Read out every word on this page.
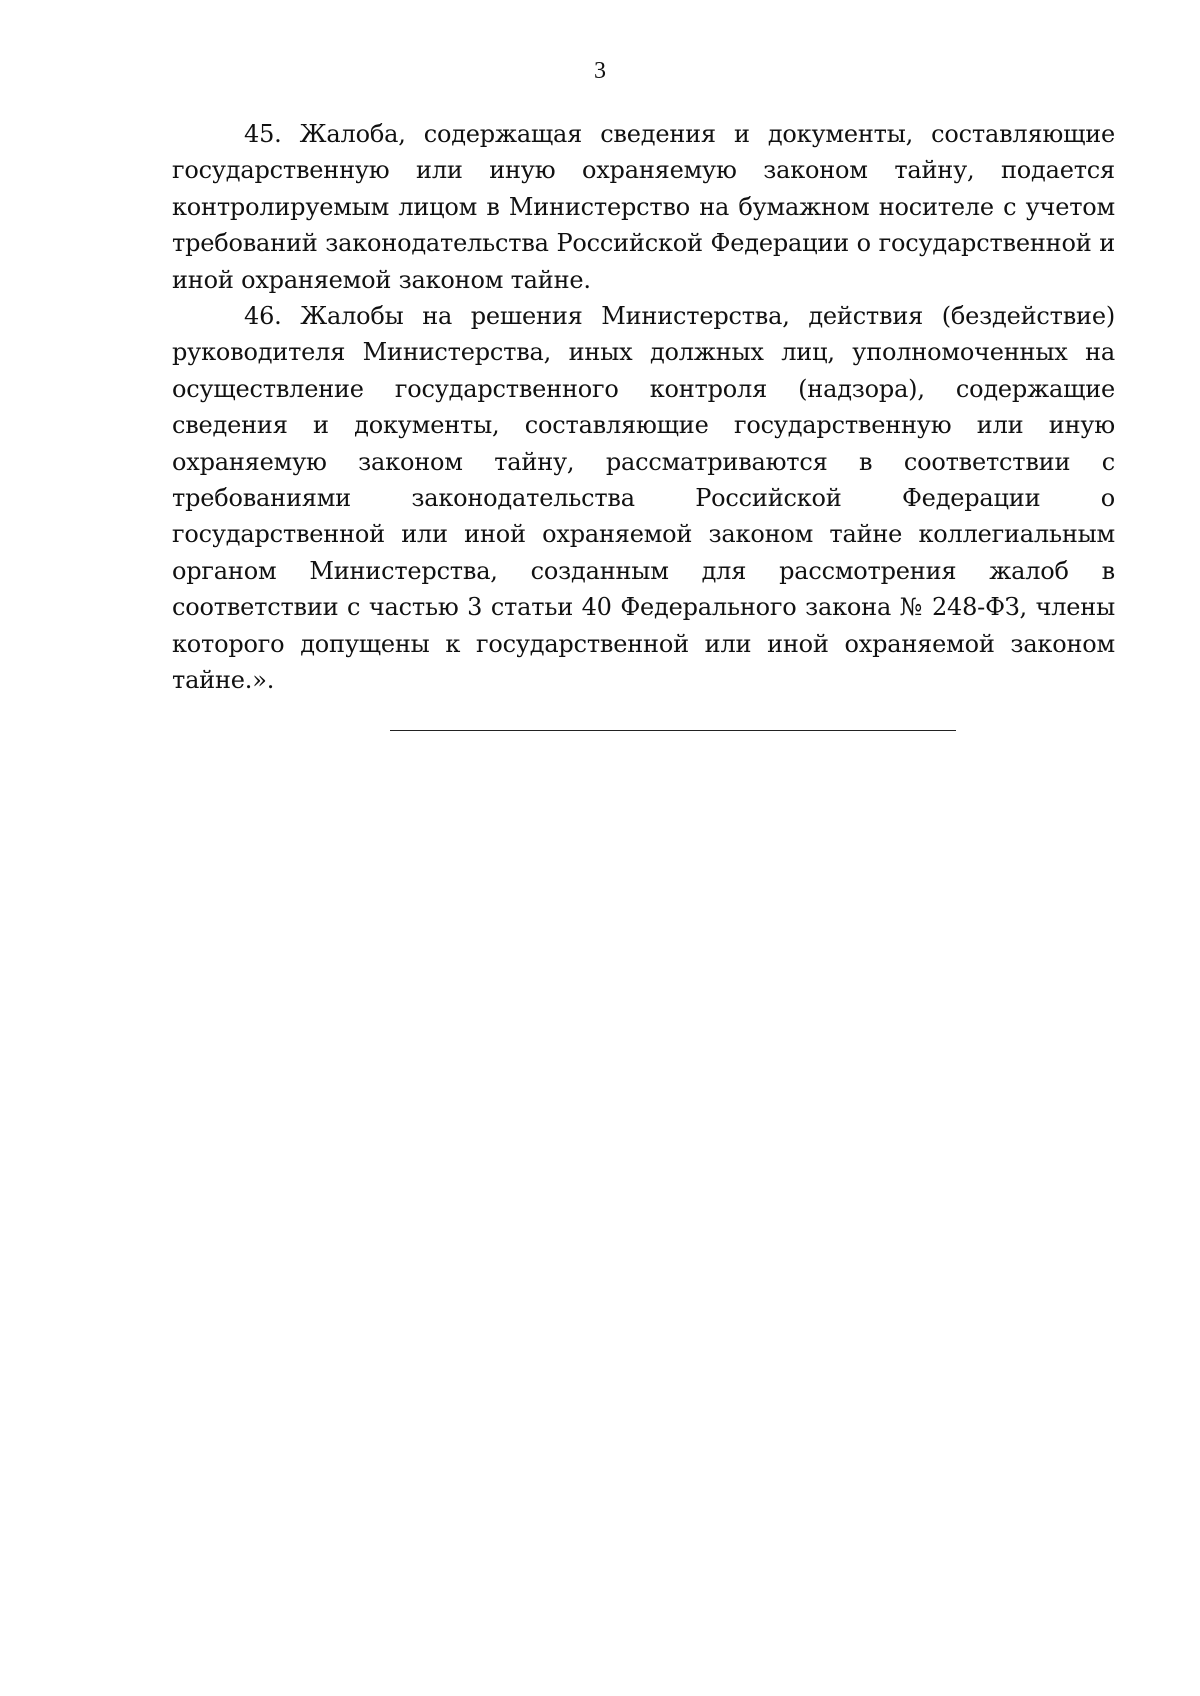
3

45. Жалоба, содержащая сведения и документы, составляющие государственную или иную охраняемую законом тайну, подается контролируемым лицом в Министерство на бумажном носителе с учетом требований законодательства Российской Федерации о государственной и иной охраняемой законом тайне.

46. Жалобы на решения Министерства, действия (бездействие) руководителя Министерства, иных должных лиц, уполномоченных на осуществление государственного контроля (надзора), содержащие сведения и документы, составляющие государственную или иную охраняемую законом тайну, рассматриваются в соответствии с требованиями законодательства Российской Федерации о государственной или иной охраняемой законом тайне коллегиальным органом Министерства, созданным для рассмотрения жалоб в соответствии с частью 3 статьи 40 Федерального закона № 248-ФЗ, члены которого допущены к государственной или иной охраняемой законом тайне.».
